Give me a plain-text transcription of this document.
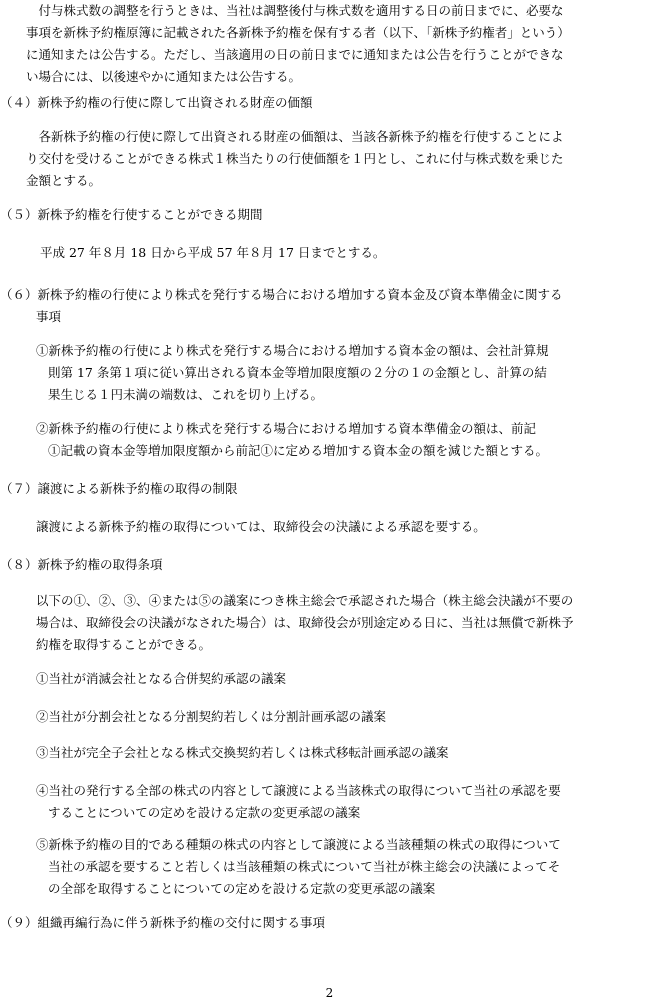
　付与株式数の調整を行うときは、当社は調整後付与株式数を適用する日の前日までに、必要な
事項を新株予約権原簿に記載された各新株予約権を保有する者（以下、「新株予約権者」という）
に通知または公告する。ただし、当該適用の日の前日までに通知または公告を行うことができな
い場合には、以後速やかに通知または公告する。
（４）新株予約権の行使に際して出資される財産の価額
　各新株予約権の行使に際して出資される財産の価額は、当該各新株予約権を行使することによ
り交付を受けることができる株式１株当たりの行使価額を１円とし、これに付与株式数を乗じた
金額とする。
（５）新株予約権を行使することができる期間
平成 27 年８月 18 日から平成 57 年８月 17 日までとする。
（６）新株予約権の行使により株式を発行する場合における増加する資本金及び資本準備金に関する
事項
①新株予約権の行使により株式を発行する場合における増加する資本金の額は、会社計算規
則第 17 条第１項に従い算出される資本金等増加限度額の２分の１の金額とし、計算の結
果生じる１円未満の端数は、これを切り上げる。
②新株予約権の行使により株式を発行する場合における増加する資本準備金の額は、前記
①記載の資本金等増加限度額から前記①に定める増加する資本金の額を減じた額とする。
（７）譲渡による新株予約権の取得の制限
譲渡による新株予約権の取得については、取締役会の決議による承認を要する。
（８）新株予約権の取得条項
以下の①、②、③、④または⑤の議案につき株主総会で承認された場合（株主総会決議が不要の
場合は、取締役会の決議がなされた場合）は、取締役会が別途定める日に、当社は無償で新株予
約権を取得することができる。
①当社が消滅会社となる合併契約承認の議案
②当社が分割会社となる分割契約若しくは分割計画承認の議案
③当社が完全子会社となる株式交換契約若しくは株式移転計画承認の議案
④当社の発行する全部の株式の内容として譲渡による当該株式の取得について当社の承認を要
することについての定めを設ける定款の変更承認の議案
⑤新株予約権の目的である種類の株式の内容として譲渡による当該種類の株式の取得について
当社の承認を要すること若しくは当該種類の株式について当社が株主総会の決議によってそ
の全部を取得することについての定めを設ける定款の変更承認の議案
（９）組織再編行為に伴う新株予約権の交付に関する事項
2
